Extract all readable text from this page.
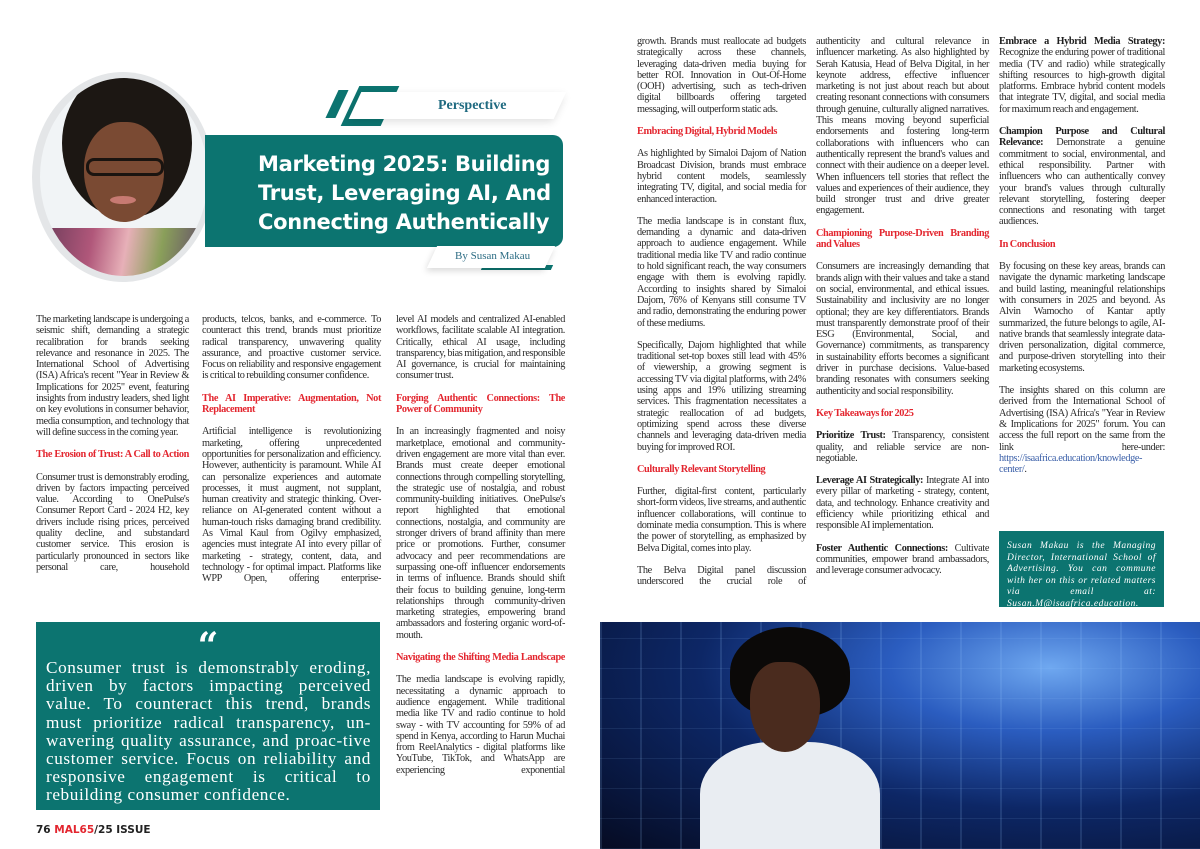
Perspective
Marketing 2025: Building Trust, Leveraging AI, And Connecting Authentically
By Susan Makau

The marketing landscape is undergoing a seismic shift, demanding a strategic recalibration for brands seeking relevance and resonance in 2025. The International School of Advertising (ISA) Africa's recent "Year in Review & Implications for 2025" event, featuring insights from industry leaders, shed light on key evolutions in consumer behavior, media consumption, and technology that will define success in the coming year.

The Erosion of Trust: A Call to Action

Consumer trust is demonstrably eroding, driven by factors impacting perceived value. According to OnePulse's Consumer Report Card - 2024 H2, key drivers include rising prices, perceived quality decline, and substandard customer service. This erosion is particularly pronounced in sectors like personal care, household

products, telcos, banks, and e-commerce. To counteract this trend, brands must prioritize radical transparency, unwavering quality assurance, and proactive customer service. Focus on reliability and responsive engagement is critical to rebuilding consumer confidence.

The AI Imperative: Augmentation, Not Replacement

Artificial intelligence is revolutionizing marketing, offering unprecedented opportunities for personalization and efficiency. However, authenticity is paramount. While AI can personalize experiences and automate processes, it must augment, not supplant, human creativity and strategic thinking. Over-reliance on AI-generated content without a human-touch risks damaging brand credibility. As Vimal Kaul from Ogilvy emphasized, agencies must integrate AI into every pillar of marketing - strategy, content, data, and technology - for optimal impact. Platforms like WPP Open, offering enterprise-

level AI models and centralized AI-enabled workflows, facilitate scalable AI integration. Critically, ethical AI usage, including transparency, bias mitigation, and responsible AI governance, is crucial for maintaining consumer trust.

Forging Authentic Connections: The Power of Community

In an increasingly fragmented and noisy marketplace, emotional and community-driven engagement are more vital than ever. Brands must create deeper emotional connections through compelling storytelling, the strategic use of nostalgia, and robust community-building initiatives. OnePulse's report highlighted that emotional connections, nostalgia, and community are stronger drivers of brand affinity than mere price or promotions. Further, consumer advocacy and peer recommendations are surpassing one-off influencer endorsements in terms of influence. Brands should shift their focus to building genuine, long-term relationships through community-driven marketing strategies, empowering brand ambassadors and fostering organic word-of-mouth.

Navigating the Shifting Media Landscape

The media landscape is evolving rapidly, necessitating a dynamic approach to audience engagement. While traditional media like TV and radio continue to hold sway - with TV accounting for 59% of ad spend in Kenya, according to Harun Muchai from ReelAnalytics - digital platforms like YouTube, TikTok, and WhatsApp are experiencing exponential

growth. Brands must reallocate ad budgets strategically across these channels, leveraging data-driven media buying for better ROI. Innovation in Out-Of-Home (OOH) advertising, such as tech-driven digital billboards offering targeted messaging, will outperform static ads.

Embracing Digital, Hybrid Models

As highlighted by Simaloi Dajom of Nation Broadcast Division, brands must embrace hybrid content models, seamlessly integrating TV, digital, and social media for enhanced interaction.

The media landscape is in constant flux, demanding a dynamic and data-driven approach to audience engagement. While traditional media like TV and radio continue to hold significant reach, the way consumers engage with them is evolving rapidly. According to insights shared by Simaloi Dajom, 76% of Kenyans still consume TV and radio, demonstrating the enduring power of these mediums.

Specifically, Dajom highlighted that while traditional set-top boxes still lead with 45% of viewership, a growing segment is accessing TV via digital platforms, with 24% using apps and 19% utilizing streaming services. This fragmentation necessitates a strategic reallocation of ad budgets, optimizing spend across these diverse channels and leveraging data-driven media buying for improved ROI.

Culturally Relevant Storytelling

Further, digital-first content, particularly short-form videos, live streams, and authentic influencer collaborations, will continue to dominate media consumption. This is where the power of storytelling, as emphasized by Belva Digital, comes into play.

The Belva Digital panel discussion underscored the crucial role of

authenticity and cultural relevance in influencer marketing. As also highlighted by Serah Katusia, Head of Belva Digital, in her keynote address, effective influencer marketing is not just about reach but about creating resonant connections with consumers through genuine, culturally aligned narratives. This means moving beyond superficial endorsements and fostering long-term collaborations with influencers who can authentically represent the brand's values and connect with their audience on a deeper level. When influencers tell stories that reflect the values and experiences of their audience, they build stronger trust and drive greater engagement.

Championing Purpose-Driven Branding and Values

Consumers are increasingly demanding that brands align with their values and take a stand on social, environmental, and ethical issues. Sustainability and inclusivity are no longer optional; they are key differentiators. Brands must transparently demonstrate proof of their ESG (Environmental, Social, and Governance) commitments, as transparency in sustainability efforts becomes a significant driver in purchase decisions. Value-based branding resonates with consumers seeking authenticity and social responsibility.

Key Takeaways for 2025

Prioritize Trust: Transparency, consistent quality, and reliable service are non-negotiable.

Leverage AI Strategically: Integrate AI into every pillar of marketing - strategy, content, data, and technology. Enhance creativity and efficiency while prioritizing ethical and responsible AI implementation.

Foster Authentic Connections: Cultivate communities, empower brand ambassadors, and leverage consumer advocacy.

Embrace a Hybrid Media Strategy: Recognize the enduring power of traditional media (TV and radio) while strategically shifting resources to high-growth digital platforms. Embrace hybrid content models that integrate TV, digital, and social media for maximum reach and engagement.

Champion Purpose and Cultural Relevance: Demonstrate a genuine commitment to social, environmental, and ethical responsibility. Partner with influencers who can authentically convey your brand's values through culturally relevant storytelling, fostering deeper connections and resonating with target audiences.

In Conclusion

By focusing on these key areas, brands can navigate the dynamic marketing landscape and build lasting, meaningful relationships with consumers in 2025 and beyond. As Alvin Wamocho of Kantar aptly summarized, the future belongs to agile, AI-native brands that seamlessly integrate data-driven personalization, digital commerce, and purpose-driven storytelling into their marketing ecosystems.

The insights shared on this column are derived from the International School of Advertising (ISA) Africa's "Year in Review & Implications for 2025" forum. You can access the full report on the same from the link here-under: https://isaafrica.education/knowledge-center/.

“
Consumer trust is demonstrably eroding, driven by factors impacting perceived value. To counteract this trend, brands must prioritize radical transparency, un-wavering quality assurance, and proac-tive customer service. Focus on reliability and responsive engagement is critical to rebuilding consumer confidence.
76 MAL65/25 ISSUE
Susan Makau is the Managing Director, International School of Advertising. You can commune with her on this or related matters via email at: Susan.M@isaafrica.education.
